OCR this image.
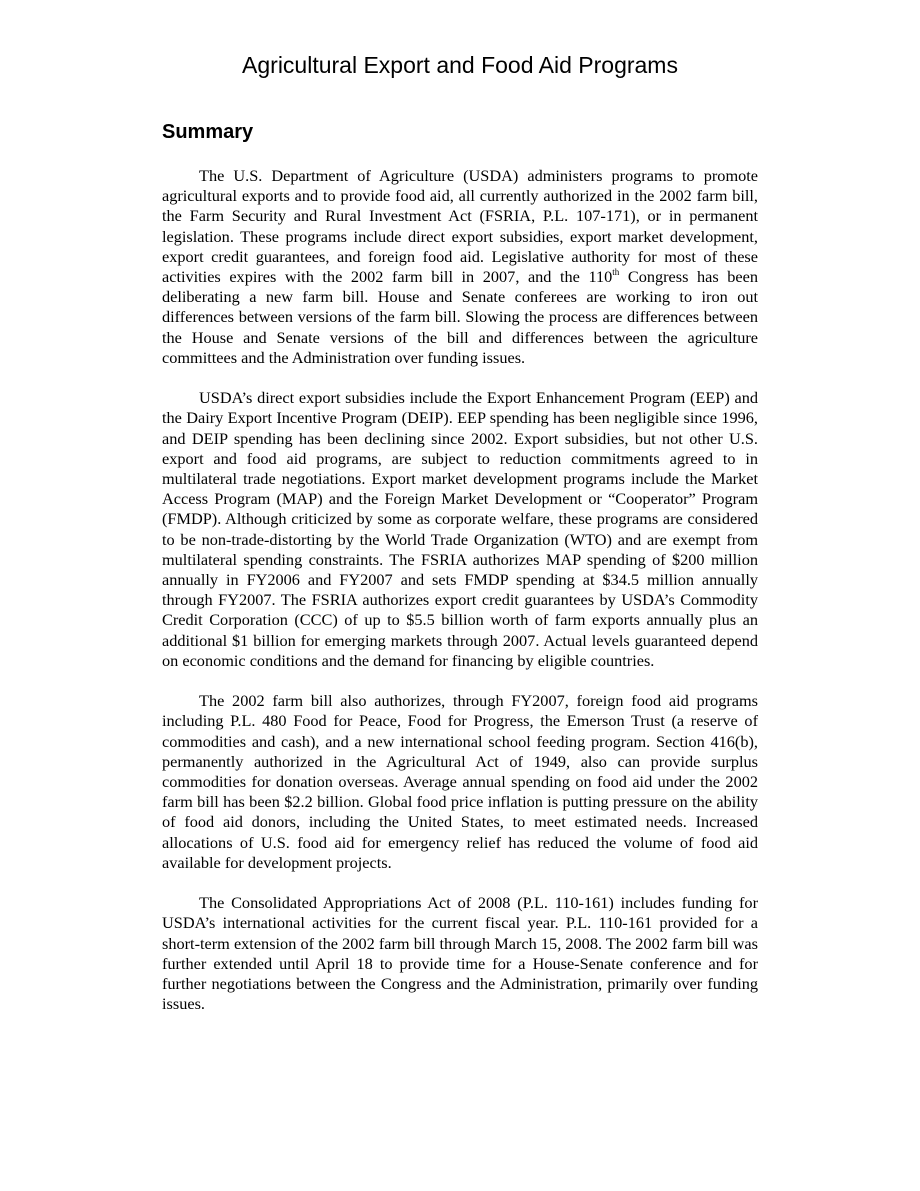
Agricultural Export and Food Aid Programs
Summary

The U.S. Department of Agriculture (USDA) administers programs to promote agricultural exports and to provide food aid, all currently authorized in the 2002 farm bill, the Farm Security and Rural Investment Act (FSRIA, P.L. 107-171), or in permanent legislation. These programs include direct export subsidies, export market development, export credit guarantees, and foreign food aid. Legislative authority for most of these activities expires with the 2002 farm bill in 2007, and the 110th Congress has been deliberating a new farm bill. House and Senate conferees are working to iron out differences between versions of the farm bill. Slowing the process are differences between the House and Senate versions of the bill and differences between the agriculture committees and the Administration over funding issues.

USDA’s direct export subsidies include the Export Enhancement Program (EEP) and the Dairy Export Incentive Program (DEIP). EEP spending has been negligible since 1996, and DEIP spending has been declining since 2002. Export subsidies, but not other U.S. export and food aid programs, are subject to reduction commitments agreed to in multilateral trade negotiations. Export market development programs include the Market Access Program (MAP) and the Foreign Market Development or “Cooperator” Program (FMDP). Although criticized by some as corporate welfare, these programs are considered to be non-trade-distorting by the World Trade Organization (WTO) and are exempt from multilateral spending constraints. The FSRIA authorizes MAP spending of $200 million annually in FY2006 and FY2007 and sets FMDP spending at $34.5 million annually through FY2007. The FSRIA authorizes export credit guarantees by USDA’s Commodity Credit Corporation (CCC) of up to $5.5 billion worth of farm exports annually plus an additional $1 billion for emerging markets through 2007. Actual levels guaranteed depend on economic conditions and the demand for financing by eligible countries.

The 2002 farm bill also authorizes, through FY2007, foreign food aid programs including P.L. 480 Food for Peace, Food for Progress, the Emerson Trust (a reserve of commodities and cash), and a new international school feeding program. Section 416(b), permanently authorized in the Agricultural Act of 1949, also can provide surplus commodities for donation overseas. Average annual spending on food aid under the 2002 farm bill has been $2.2 billion. Global food price inflation is putting pressure on the ability of food aid donors, including the United States, to meet estimated needs. Increased allocations of U.S. food aid for emergency relief has reduced the volume of food aid available for development projects.

The Consolidated Appropriations Act of 2008 (P.L. 110-161) includes funding for USDA’s international activities for the current fiscal year. P.L. 110-161 provided for a short-term extension of the 2002 farm bill through March 15, 2008. The 2002 farm bill was further extended until April 18 to provide time for a House-Senate conference and for further negotiations between the Congress and the Administration, primarily over funding issues.
